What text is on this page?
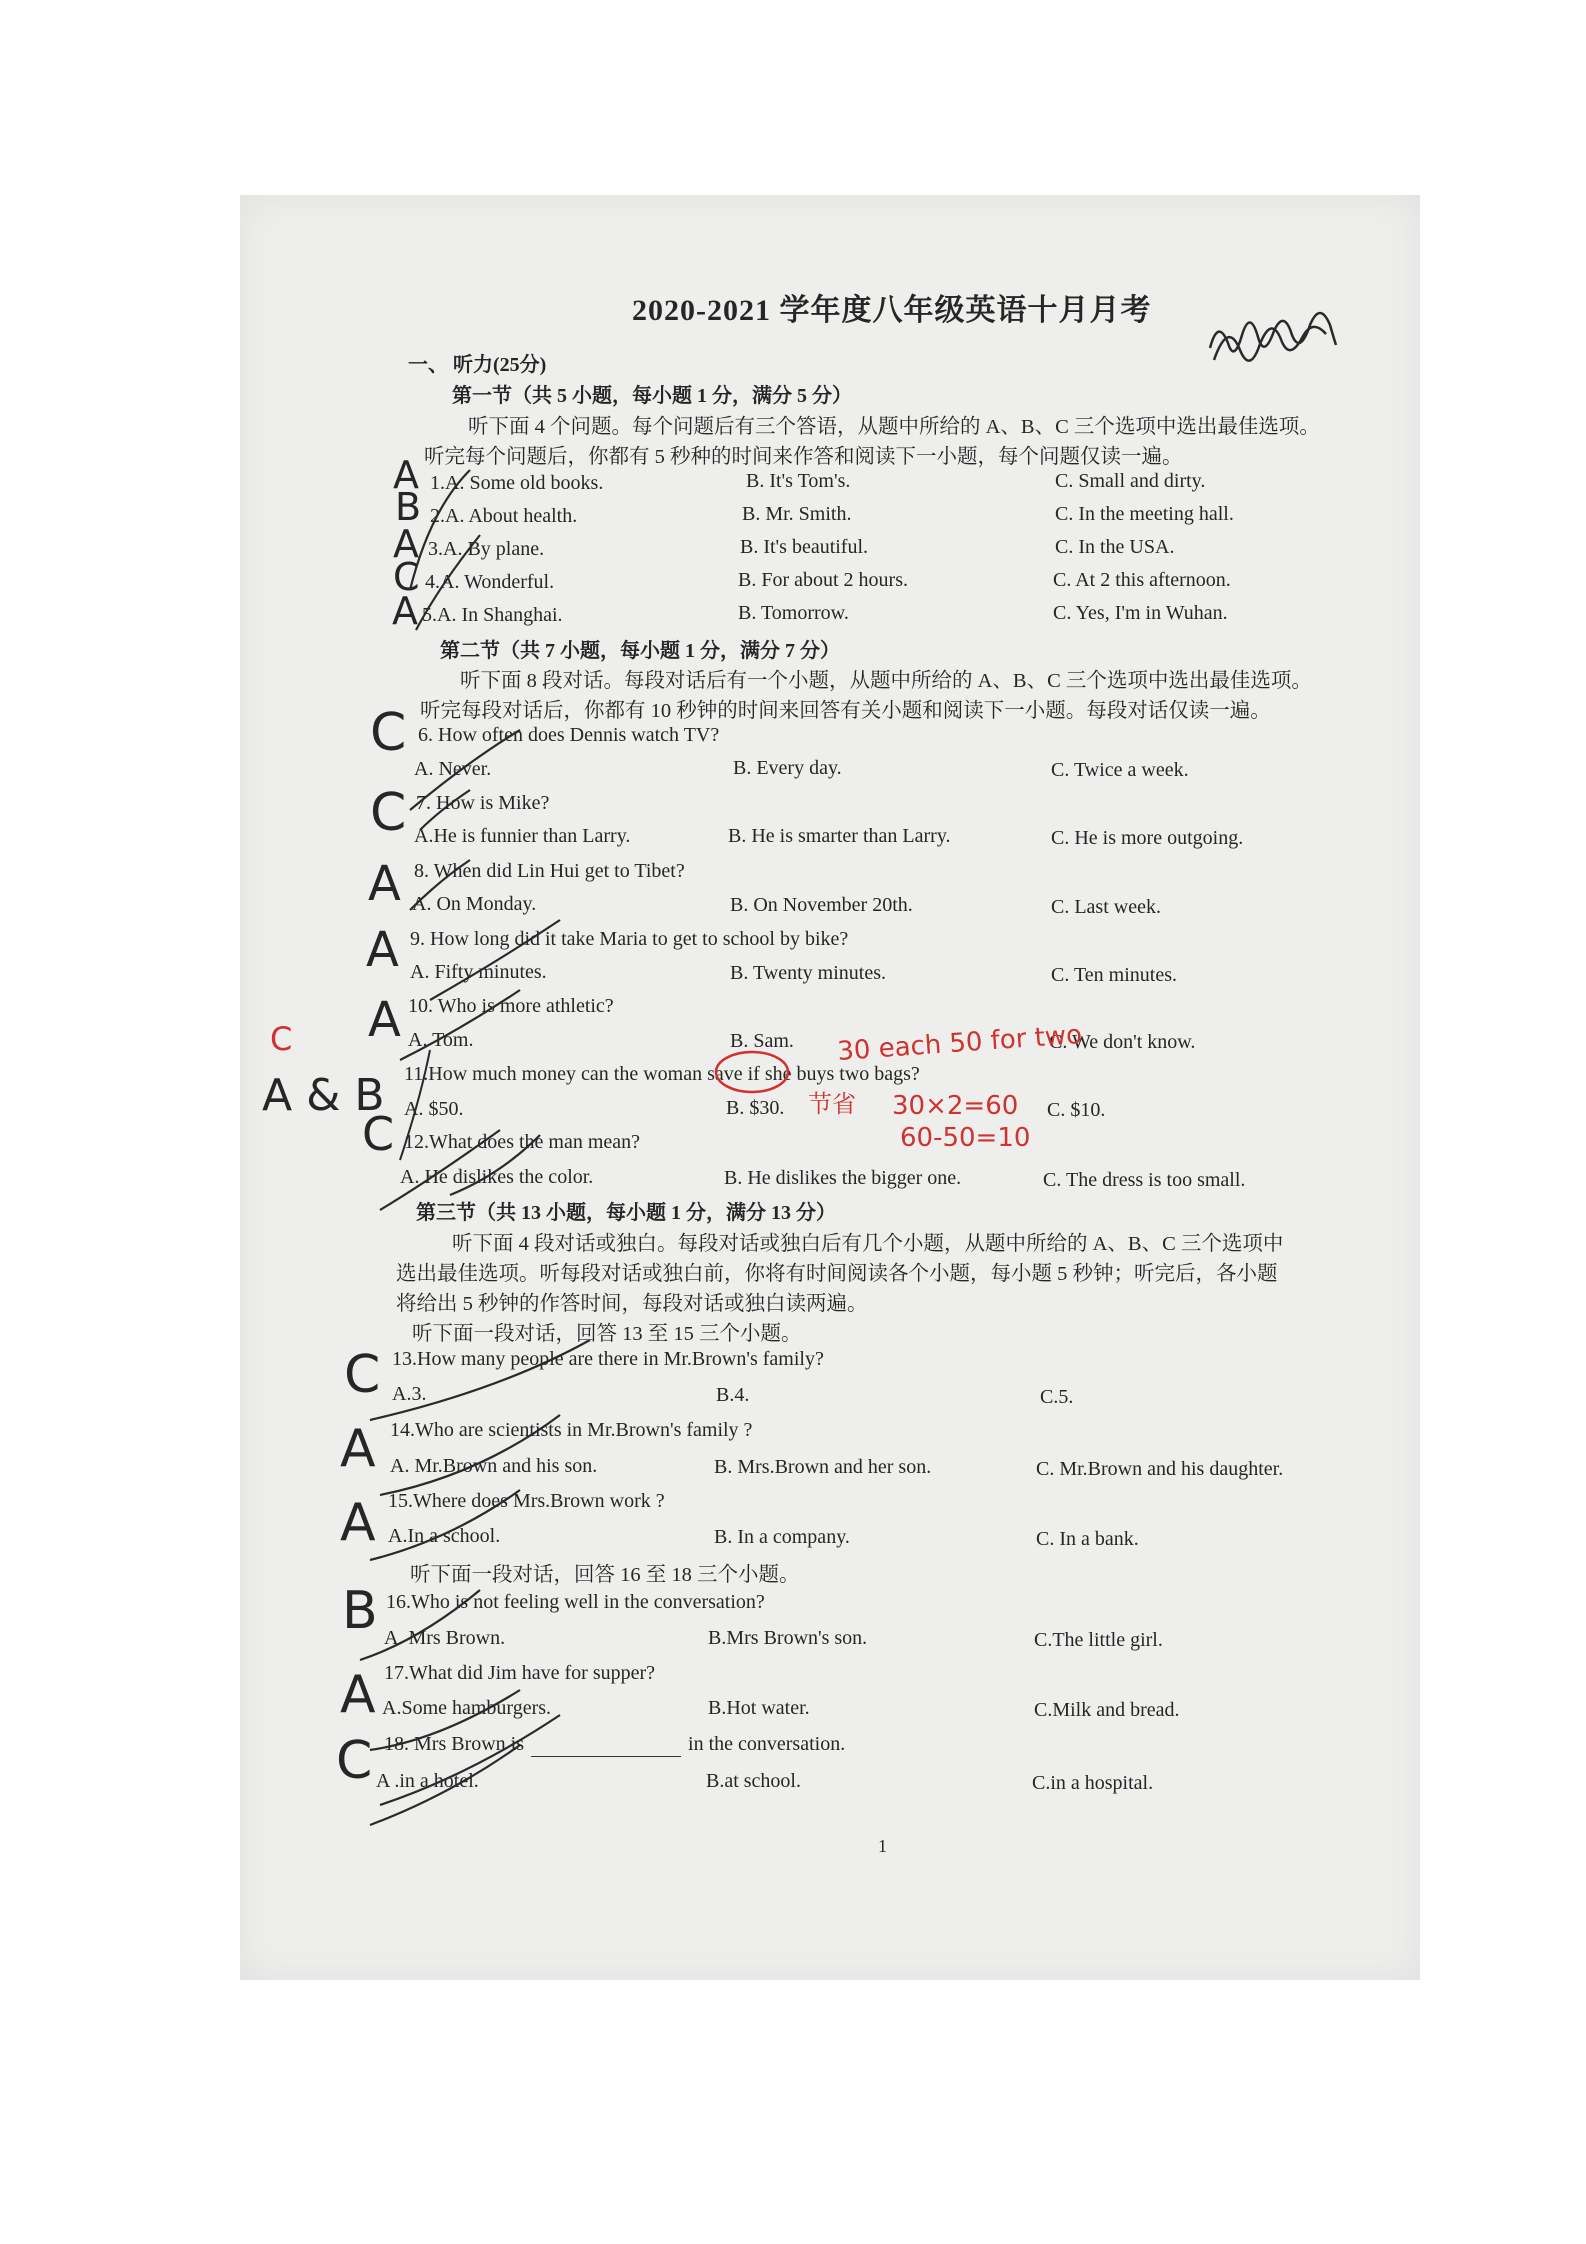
2020-2021 学年度八年级英语十月月考
一、 听力(25分)
第一节（共 5 小题，每小题 1 分，满分 5 分）
听下面 4 个问题。每个问题后有三个答语，从题中所给的 A、B、C 三个选项中选出最佳选项。
听完每个问题后，你都有 5 秒种的时间来作答和阅读下一小题，每个问题仅读一遍。
1.A. Some old books.	B. It's Tom's.	C. Small and dirty.
2.A. About health.	B. Mr. Smith.	C. In the meeting hall.
3.A. By plane.	B. It's beautiful.	C. In the USA.
4.A. Wonderful.	B. For about 2 hours.	C. At 2 this afternoon.
5.A. In Shanghai.	B. Tomorrow.	C. Yes, I'm in Wuhan.
第二节（共 7 小题，每小题 1 分，满分 7 分）
听下面 8 段对话。每段对话后有一个小题，从题中所给的 A、B、C 三个选项中选出最佳选项。
听完每段对话后，你都有 10 秒钟的时间来回答有关小题和阅读下一小题。每段对话仅读一遍。
6. How often does Dennis watch TV?
A. Never.	B. Every day.	C. Twice a week.
7. How is Mike?
A.He is funnier than Larry.	B. He is smarter than Larry.	C. He is more outgoing.
8. When did Lin Hui get to Tibet?
A. On Monday.	B. On November 20th.	C. Last week.
9. How long did it take Maria to get to school by bike?
A. Fifty minutes.	B. Twenty minutes.	C. Ten minutes.
10. Who is more athletic?
A. Tom.	B. Sam.	C. We don't know.
11.How much money can the woman save if she buys two bags?
A. $50.	B. $30.	C. $10.
12.What does the man mean?
A. He dislikes the color.	B. He dislikes the bigger one.	C. The dress is too small.
第三节（共 13 小题，每小题 1 分，满分 13 分）
听下面 4 段对话或独白。每段对话或独白后有几个小题，从题中所给的 A、B、C 三个选项中
选出最佳选项。听每段对话或独白前，你将有时间阅读各个小题，每小题 5 秒钟；听完后，各小题
将给出 5 秒钟的作答时间，每段对话或独白读两遍。
听下面一段对话，回答 13 至 15 三个小题。
13.How many people are there in Mr.Brown's family?
A.3.	B.4.	C.5.
14.Who are scientists in Mr.Brown's family ?
A. Mr.Brown and his son.	B. Mrs.Brown and her son.	C. Mr.Brown and his daughter.
15.Where does Mrs.Brown work ?
A.In a school.	B. In a company.	C. In a bank.
听下面一段对话，回答 16 至 18 三个小题。
16.Who is not feeling well in the conversation?
A. Mrs Brown.	B.Mrs Brown's son.	C.The little girl.
17.What did Jim have for supper?
A.Some hamburgers.	B.Hot water.	C.Milk and bread.
18. Mrs Brown is	in the conversation.
A .in a hotel.	B.at school.	C.in a hospital.
1
A
B
A
C
A
C
C
A
A
A
C
C
A
A
B
A
C
A & B
C	30 each 50 for two
节省 30×2=60
60-50=10
